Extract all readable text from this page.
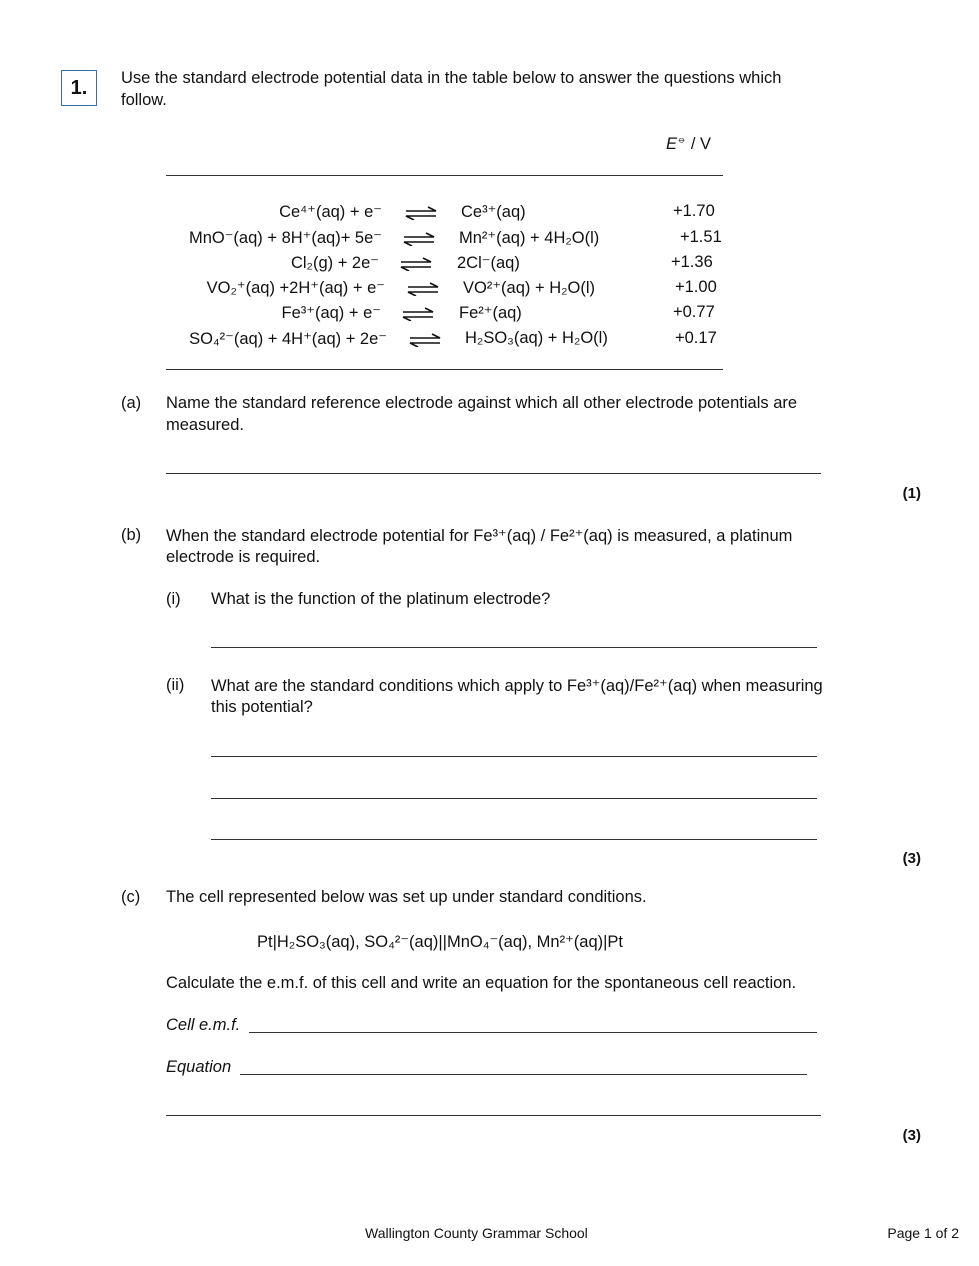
1.	Use the standard electrode potential data in the table below to answer the questions which
follow.
E⦵ / V
Ce⁴⁺(aq) + e⁻	Ce³⁺(aq)	+1.70
MnO⁻(aq) + 8H⁺(aq)+ 5e⁻	Mn²⁺(aq) + 4H₂O(l)	+1.51
Cl₂(g) + 2e⁻	2Cl⁻(aq)	+1.36
VO₂⁺(aq) +2H⁺(aq) + e⁻	VO²⁺(aq) + H₂O(l)	+1.00
Fe³⁺(aq) + e⁻	Fe²⁺(aq)	+0.77
SO₄²⁻(aq) + 4H⁺(aq) + 2e⁻	H₂SO₃(aq) + H₂O(l)	+0.17
(a) Name the standard reference electrode against which all other electrode potentials are
measured.
(1)
(b) When the standard electrode potential for Fe³⁺(aq) / Fe²⁺(aq) is measured, a platinum
electrode is required.
(i) What is the function of the platinum electrode?
(ii) What are the standard conditions which apply to Fe³⁺(aq)/Fe²⁺(aq) when measuring
this potential?
(3)
(c) The cell represented below was set up under standard conditions.
Pt|H₂SO₃(aq), SO₄²⁻(aq)||MnO₄⁻(aq), Mn²⁺(aq)|Pt
Calculate the e.m.f. of this cell and write an equation for the spontaneous cell reaction.
Cell e.m.f.
Equation
(3)
Wallington County Grammar School	Page 1 of 2
